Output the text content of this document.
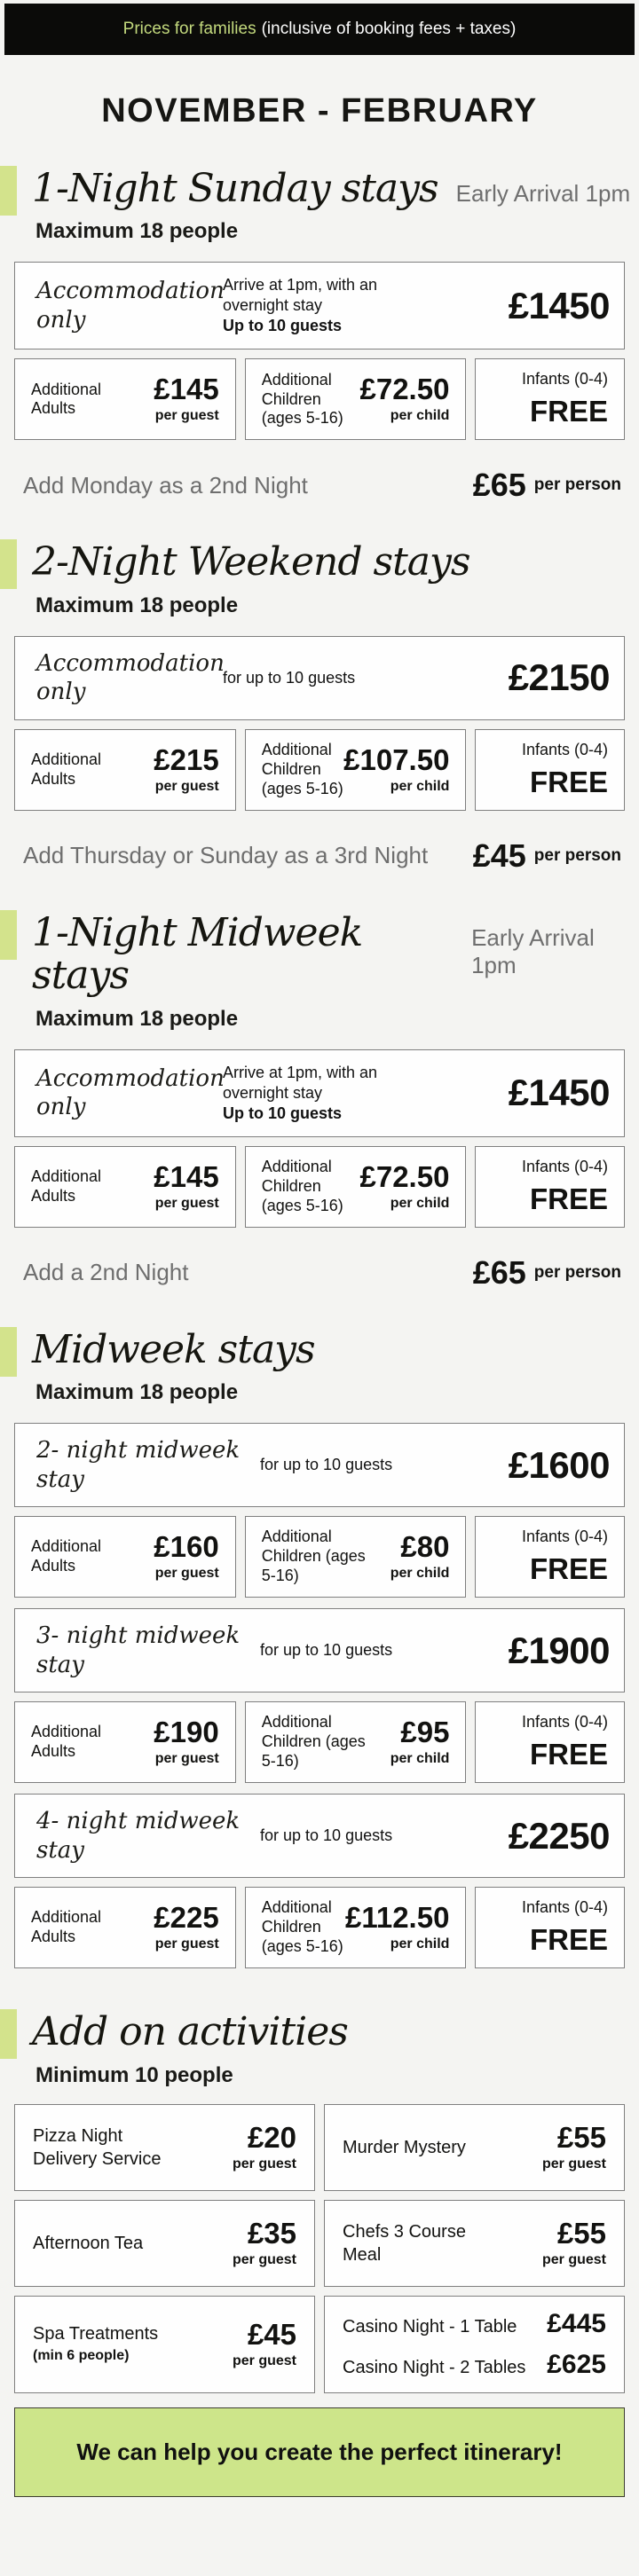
Prices for families (inclusive of booking fees + taxes)
NOVEMBER - FEBRUARY
1-Night Sunday stays Early Arrival 1pm

Maximum 18 people

Accommodation only
Arrive at 1pm, with an overnight stay
Up to 10 guests	£1450
Additional Adults
£145
per guest
Additional Children (ages 5-16)
£72.50
per child
Infants (0-4)
FREE
Add Monday as a 2nd Night	£65 per person
2-Night Weekend stays

Maximum 18 people

Accommodation only
for up to 10 guests	£2150
Additional Adults
£215
per guest
Additional Children (ages 5-16)
£107.50
per child
Infants (0-4)
FREE
Add Thursday or Sunday as a 3rd Night £45 per person
1-Night Midweek stays
Early Arrival 1pm

Maximum 18 people

Accommodation only
Arrive at 1pm, with an overnight stay
Up to 10 guests	£1450
Additional Adults
£145
per guest
Additional Children (ages 5-16)
£72.50
per child
Infants (0-4)
FREE
Add a 2nd Night	£65 per person
Midweek stays

Maximum 18 people

2- night midweek stay
for up to 10 guests	£1600
Additional Adults
£160
per guest
Additional Children (ages 5-16)
£80
per child
Infants (0-4)
FREE
3- night midweek stay
for up to 10 guests	£1900
Additional Adults
£190
per guest
Additional Children (ages 5-16)
£95
per child
Infants (0-4)
FREE
4- night midweek stay
for up to 10 guests	£2250
Additional Adults
£225
per guest
Additional Children (ages 5-16)
£112.50
per child
Infants (0-4)
FREE
Add on activities

Minimum 10 people

Pizza Night Delivery Service
£20
per guest
Murder Mystery	£55
per guest
Afternoon Tea	£35
per guest
Chefs 3 Course Meal
£55
per guest
Spa Treatments
(min 6 people)
£45
per guest
Casino Night - 1 Table £445
Casino Night - 2 Tables £625
We can help you create the perfect itinerary!
